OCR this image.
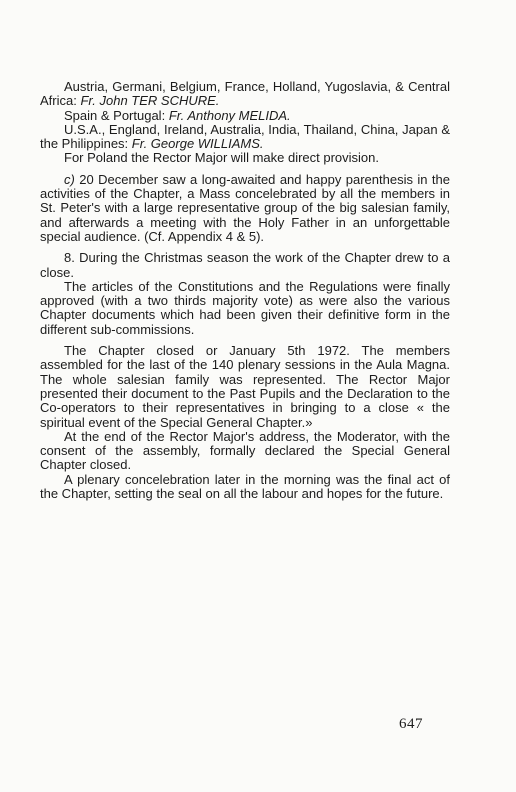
Austria, Germani, Belgium, France, Holland, Yugoslavia, & Central Africa: Fr. John TER SCHURE.

Spain & Portugal: Fr. Anthony MELIDA.

U.S.A., England, Ireland, Australia, India, Thailand, China, Japan & the Philippines: Fr. George WILLIAMS.

For Poland the Rector Major will make direct provision.

c) 20 December saw a long-awaited and happy parenthesis in the activities of the Chapter, a Mass concelebrated by all the members in St. Peter's with a large representative group of the big salesian family, and afterwards a meeting with the Holy Father in an unforgettable special audience. (Cf. Appendix 4 & 5).

8. During the Christmas season the work of the Chapter drew to a close.

The articles of the Constitutions and the Regulations were finally approved (with a two thirds majority vote) as were also the various Chapter documents which had been given their definitive form in the different sub-commissions.

The Chapter closed or January 5th 1972. The members assembled for the last of the 140 plenary sessions in the Aula Magna. The whole salesian family was represented. The Rector Major presented their document to the Past Pupils and the Declaration to the Co-operators to their representatives in bringing to a close « the spiritual event of the Special General Chapter.»

At the end of the Rector Major's address, the Moderator, with the consent of the assembly, formally declared the Special General Chapter closed.

A plenary concelebration later in the morning was the final act of the Chapter, setting the seal on all the labour and hopes for the future.

647
